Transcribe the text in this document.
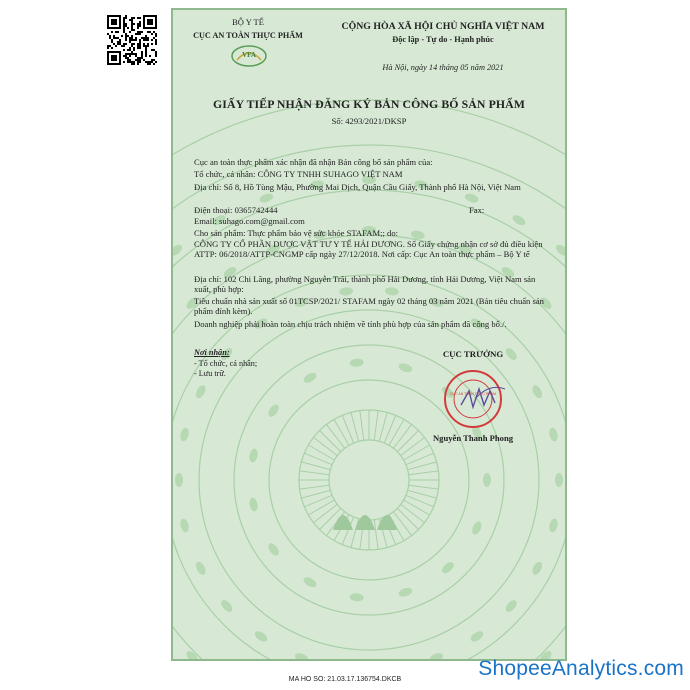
BỘ Y TẾ
CỤC AN TOÀN THỰC PHẨM
VFA
CỘNG HÒA XÃ HỘI CHỦ NGHĨA VIỆT NAM
Độc lập - Tự do - Hạnh phúc
Hà Nội, ngày 14 tháng 05 năm 2021
GIẤY TIẾP NHẬN ĐĂNG KÝ BẢN CÔNG BỐ SẢN PHẨM
Số: 4293/2021/DKSP
Cục an toàn thực phẩm xác nhận đã nhận Bản công bố sản phẩm của:
Tổ chức, cá nhân: CÔNG TY TNHH SUHAGO VIỆT NAM
Địa chỉ: Số 8, Hồ Tùng Mậu, Phường Mai Dịch, Quận Cầu Giấy, Thành phố Hà Nội, Việt Nam
Điện thoại: 0365742444	Fax:
Email: suhago.com@gmail.com
Cho sản phẩm: Thực phẩm bảo vệ sức khỏe STAFAM;; do:
CÔNG TY CỔ PHẦN DƯỢC VẬT TƯ Y TẾ HẢI DƯƠNG. Số Giấy chứng nhận cơ sở đủ điều kiện ATTP: 06/2018/ATTP-CNGMP cấp ngày 27/12/2018. Nơi cấp: Cục An toàn thực phẩm – Bộ Y tế
Địa chỉ: 102 Chi Lăng, phường Nguyễn Trãi, thành phố Hải Dương, tỉnh Hải Dương, Việt Nam sản xuất, phù hợp:
Tiêu chuẩn nhà sản xuất số 01TCSP/2021/ STAFAM ngày 02 tháng 03 năm 2021 (Bản tiêu chuẩn sản phẩm đính kèm).
Doanh nghiệp phải hoàn toàn chịu trách nhiệm về tính phù hợp của sản phẩm đã công bố./.
Nơi nhận:
- Tổ chức, cá nhân;
- Lưu trữ.
CỤC TRƯỞNG
CỤC AN TOÀN THỰC PHẨM
Nguyễn Thanh Phong
MA HO SO: 21.03.17.136754.DKCB	ShopeeAnalytics.com
